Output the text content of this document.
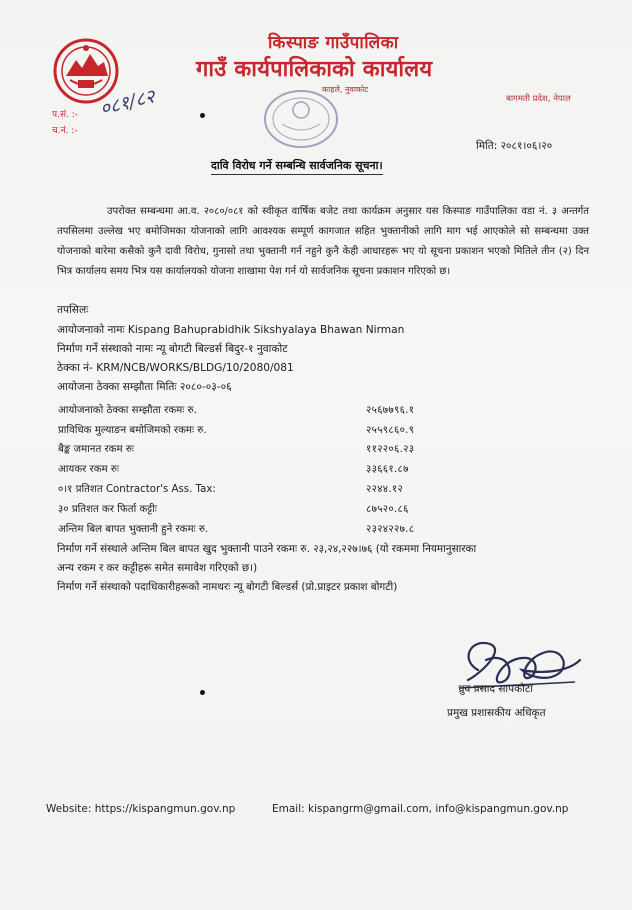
किस्पाङ गाउँपालिका
गाउँ कार्यपालिकाको कार्यालय
काहले, नुवाकोट
बागमती प्रदेश, नेपाल
प.सं. :-
च.नं. :-
०८१/८२
मिति: २०८१।०६।२०
दावि विरोध गर्ने सम्बन्धि सार्वजनिक सूचना।
उपरोक्त सम्बन्धमा आ.व. २०८०/०८१ को स्वीकृत वार्षिक बजेट तथा कार्यक्रम अनुसार यस किस्पाङ गाउँपालिका वडा नं. ३ अन्तर्गत तपसिलमा उल्लेख भए बमोजिमका योजनाको लागि आवश्यक सम्पूर्ण कागजात सहित भुक्तानीको लागि माग भई आएकोले सो सम्बन्धमा उक्त योजनाको बारेमा कसैको कुनै दावी विरोध, गुनासो तथा भुक्तानी गर्न नहुने कुनै केही आधारहरू भए यो सूचना प्रकाशन भएको मितिले तीन (२) दिन भित्र कार्यालय समय भित्र यस कार्यालयको योजना शाखामा पेश गर्न यो सार्वजनिक सूचना प्रकाशन गरिएको छ।
तपसिलः
आयोजनाको नामः Kispang Bahuprabidhik Sikshyalaya Bhawan Nirman
निर्माण गर्ने संस्थाको नामः न्यू बोगटी बिल्डर्स बिदुर-१ नुवाकोट
ठेक्का नं- KRM/NCB/WORKS/BLDG/10/2080/081
आयोजना ठेक्का सम्झौता मितिः २०८०-०३-०६
आयोजनाको ठेक्का सम्झौता रकमः रु.	२५६७७९६.१
प्राविधिक मुल्याङन बमोजिमको रकमः रु.	२५५९८६०.९
बैङ्क जमानत रकम रुः	११२२०६.२३
आयकर रकम रुः	३३६६१.८७
०।१ प्रतिशत Contractor's Ass. Tax:	२२४४.१२
३० प्रतिशत कर फिर्ता कट्टीः	८७५२०.८६
अन्तिम बिल बापत भुक्तानी हुने रकमः रु.	२३२४२२७.८
निर्माण गर्ने संस्थाले अन्तिम बिल बापत खुद भुक्तानी पाउने रकमः रु. २३,२४,२२७।७६ (यो रकममा नियमानुसारका
अन्य रकम र कर कट्टीहरू समेत समावेश गरिएको छ।)
निर्माण गर्ने संस्थाको पदाधिकारीहरूको नामथरः न्यू बोगटी बिल्डर्स (प्रो.प्राइटर प्रकाश बोगटी)
ध्रुव प्रसाद सापकोटा
प्रमुख प्रशासकीय अधिकृत
Website: https://kispangmun.gov.np	Email: kispangrm@gmail.com, info@kispangmun.gov.np
